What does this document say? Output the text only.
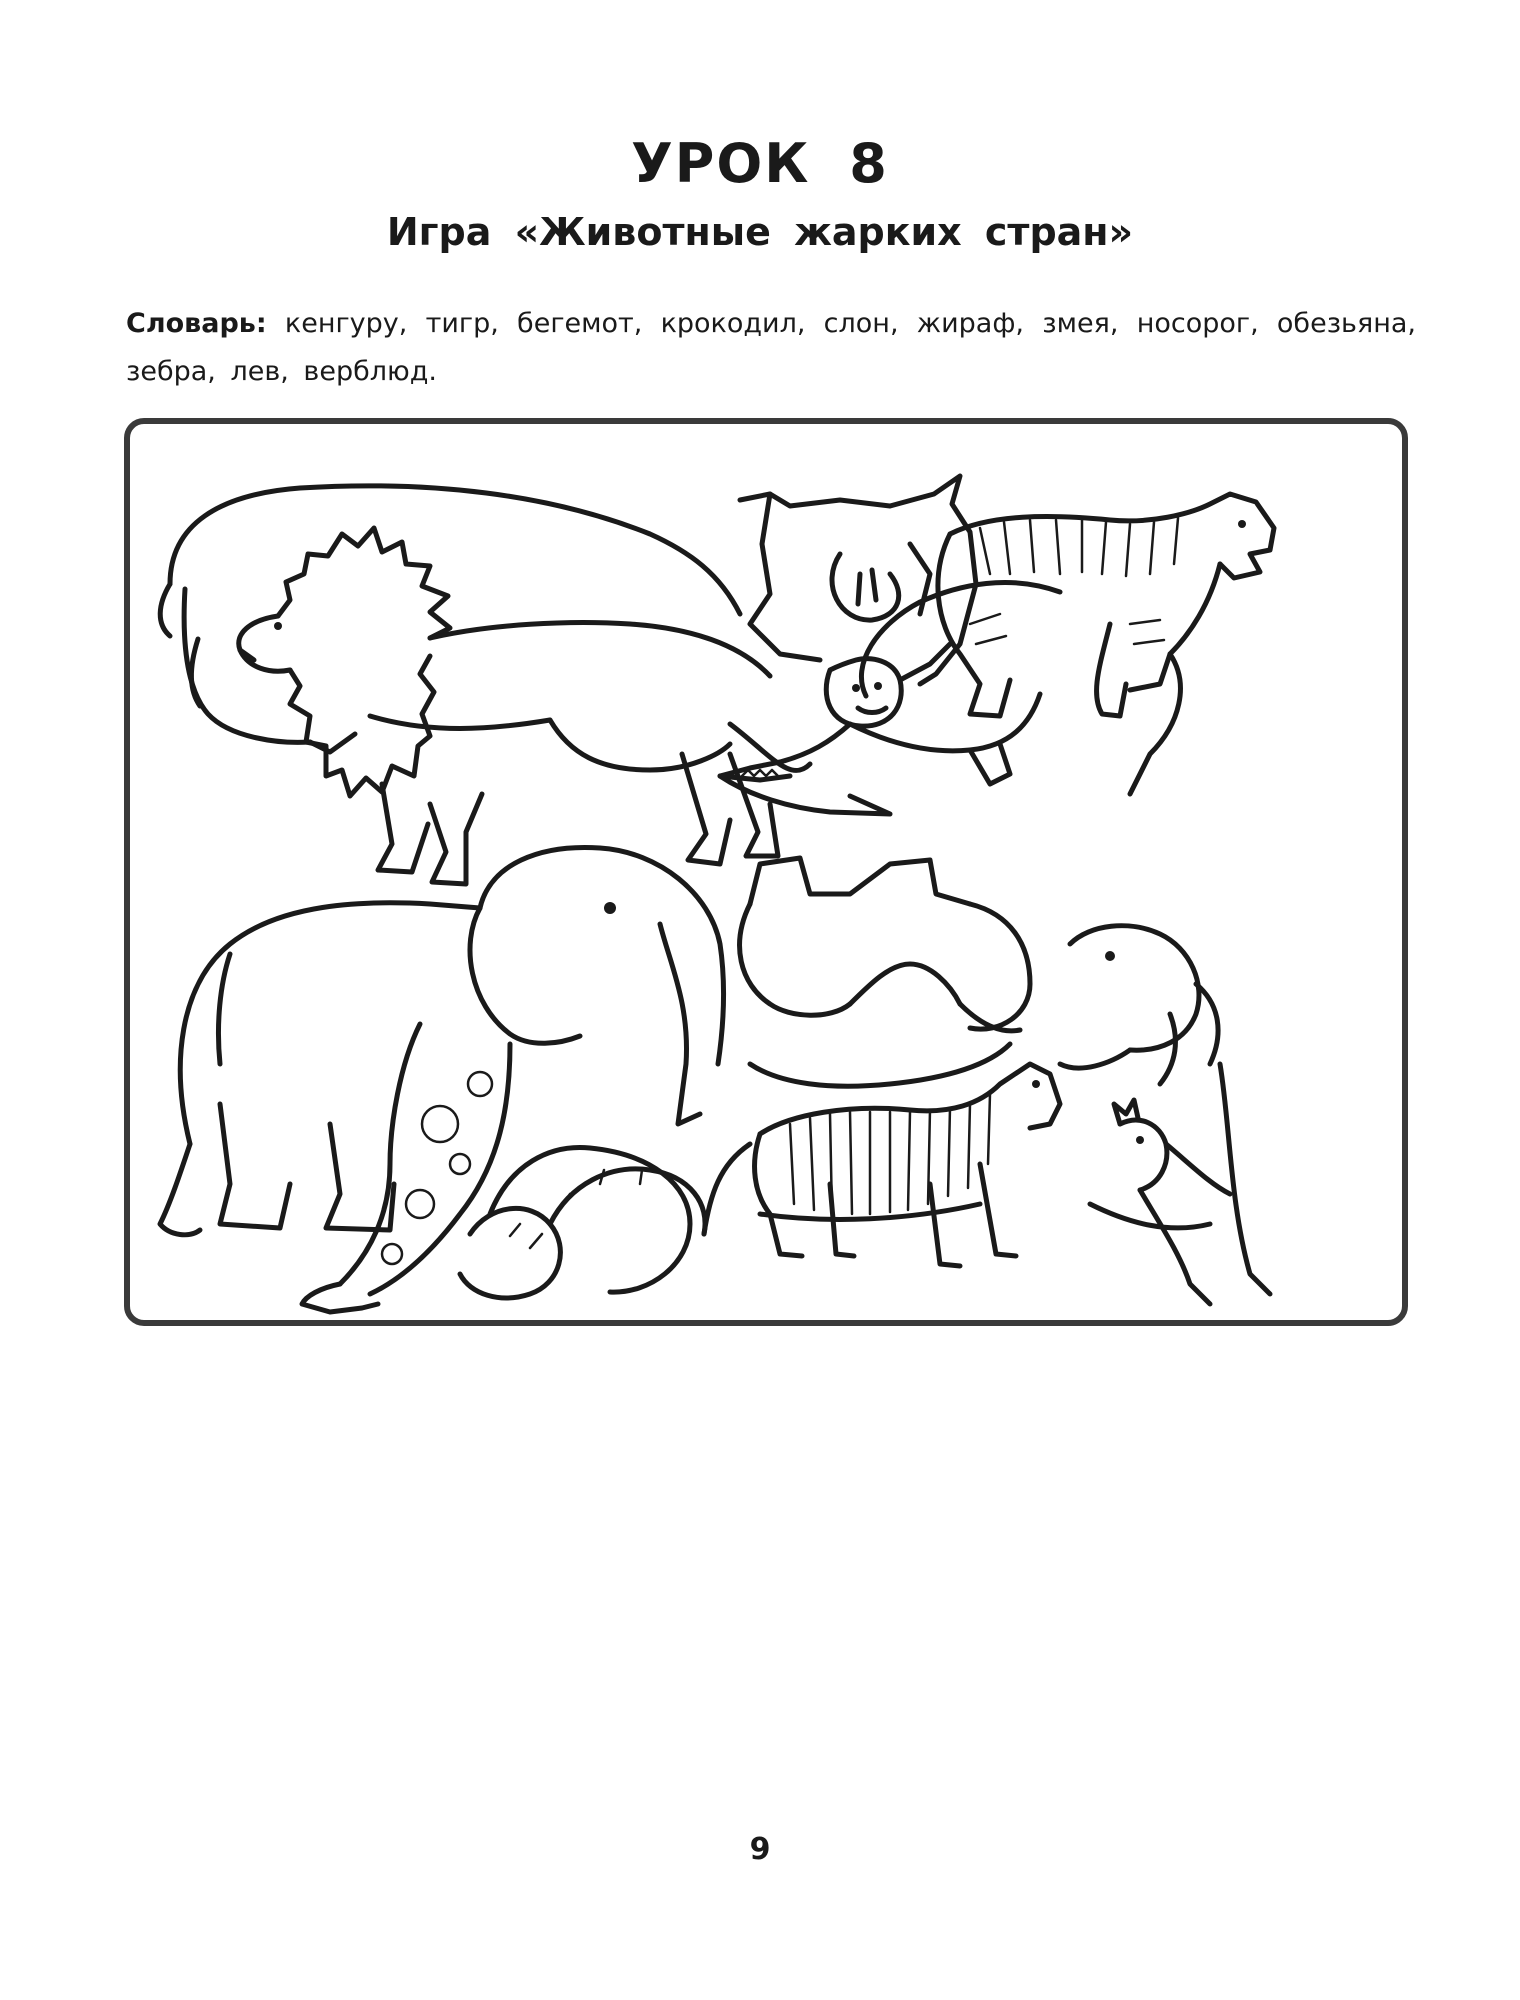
УРОК 8
Игра «Животные жарких стран»
Словарь: кенгуру, тигр, бегемот, крокодил, слон, жираф, змея, носорог, обезьяна, зебра, лев, верблюд.
9
